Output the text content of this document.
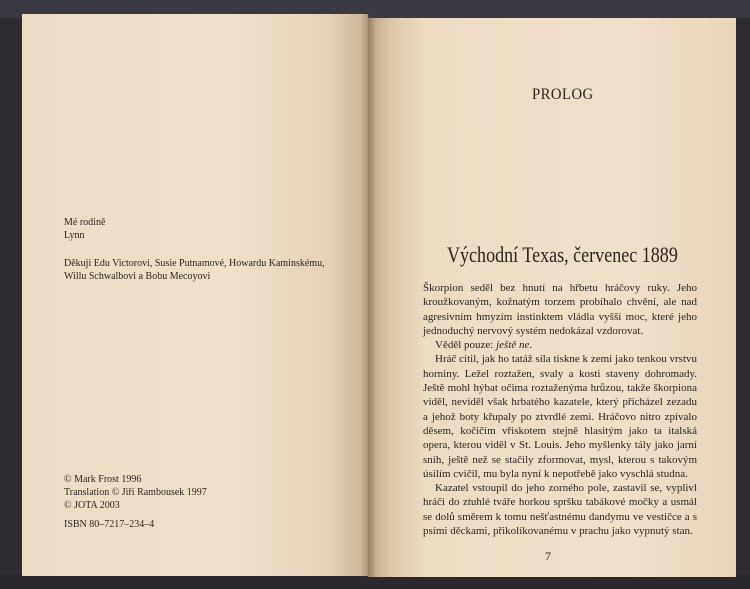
Mé rodině
Lynn
Děkuji Edu Victorovi, Susie Putnamové, Howardu Kaminskému,
Willu Schwalbovi a Bobu Mecoyovi
© Mark Frost 1996
Translation © Jiří Rambousek 1997
© JOTA 2003
ISBN 80–7217–234–4
PROLOG
Východní Texas, červenec 1889

Škorpion seděl bez hnutí na hřbetu hráčovy ruky. Jeho kroužkovaným, kožnatým torzem probíhalo chvění, ale nad agresivním hmyzím instinktem vládla vyšší moc, které jeho jednoduchý nervový systém nedokázal vzdorovat.

Věděl pouze: ještě ne.

Hráč cítil, jak ho tatáž síla tiskne k zemi jako tenkou vrstvu horniny. Ležel roztažen, svaly a kosti staveny dohromady. Ještě mohl hýbat očima roztaženýma hrůzou, takže škorpiona viděl, neviděl však hrbatého kazatele, který přicházel zezadu a jehož boty křupaly po ztvrdlé zemi. Hráčovo nitro zpívalo děsem, kočičím vřiskotem stejně hlasitým jako ta italská opera, kterou viděl v St. Louis. Jeho myšlenky tály jako jarní sníh, ještě než se stačily zformovat, mysl, kterou s takovým úsilím cvičil, mu byla nyní k nepotřebě jako vyschlá studna.

Kazatel vstoupil do jeho zorného pole, zastavil se, vyplivl hráči do ztuhlé tváře horkou spršku tabákové močky a usmál se dolů směrem k tomu nešťastnému dandymu ve vestičce a s psími děckami, přikolíkovanému v prachu jako vypnutý stan.

7
